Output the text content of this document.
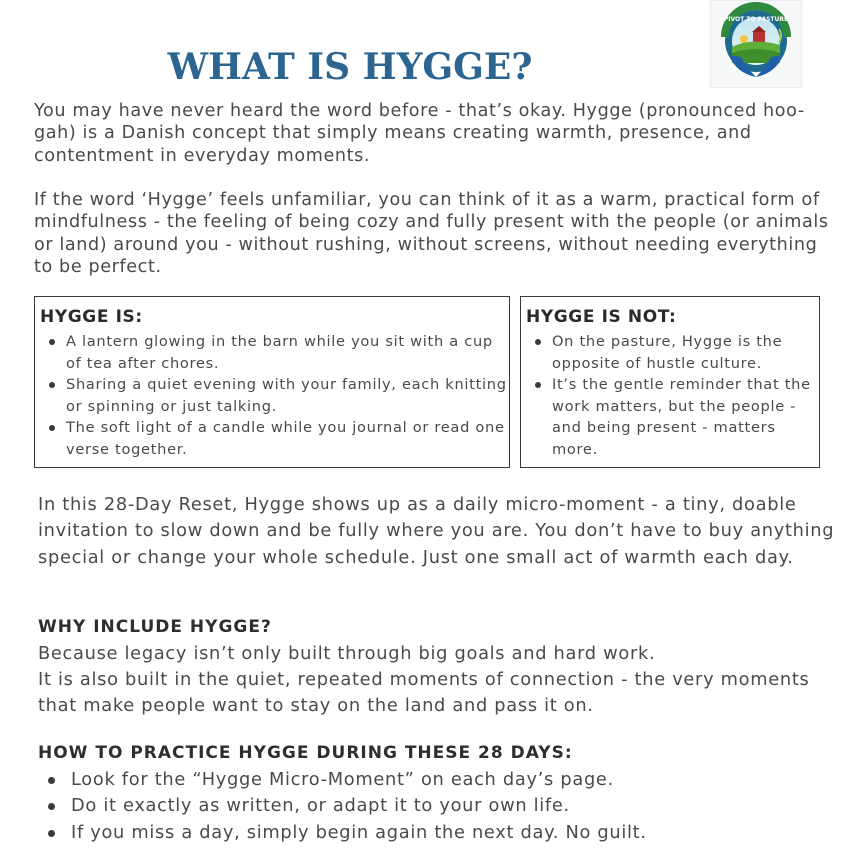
WHAT IS HYGGE?
PIVOT TO PASTURE

You may have never heard the word before - that’s okay. Hygge (pronounced hoo-gah) is a Danish concept that simply means creating warmth, presence, and contentment in everyday moments.

If the word ‘Hygge’ feels unfamiliar, you can think of it as a warm, practical form of mindfulness - the feeling of being cozy and fully present with the people (or animals or land) around you - without rushing, without screens, without needing everything to be perfect.

HYGGE IS:
A lantern glowing in the barn while you sit with a cup of tea after chores.
Sharing a quiet evening with your family, each knitting or spinning or just talking.
The soft light of a candle while you journal or read one verse together.
HYGGE IS NOT:
On the pasture, Hygge is the opposite of hustle culture.
It’s the gentle reminder that the work matters, but the people - and being present - matters more.

In this 28-Day Reset, Hygge shows up as a daily micro-moment - a tiny, doable invitation to slow down and be fully where you are. You don’t have to buy anything special or change your whole schedule. Just one small act of warmth each day.

WHY INCLUDE HYGGE?
Because legacy isn’t only built through big goals and hard work.
It is also built in the quiet, repeated moments of connection - the very moments that make people want to stay on the land and pass it on.
HOW TO PRACTICE HYGGE DURING THESE 28 DAYS:
Look for the “Hygge Micro-Moment” on each day’s page.
Do it exactly as written, or adapt it to your own life.
If you miss a day, simply begin again the next day. No guilt.
